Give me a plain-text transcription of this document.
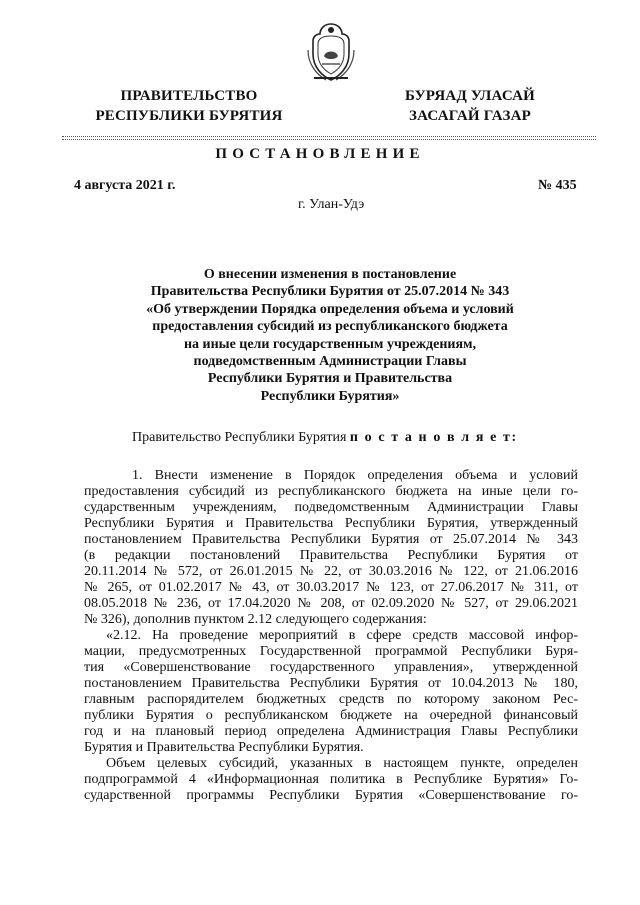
ПРАВИТЕЛЬСТВО
РЕСПУБЛИКИ БУРЯТИЯ
БУРЯАД УЛАСАЙ
ЗАСАГАЙ ГАЗАР
ПОСТАНОВЛЕНИЕ
4 августа 2021 г.	№ 435
г. Улан-Удэ
О внесении изменения в постановление
Правительства Республики Бурятия от 25.07.2014 № 343
«Об утверждении Порядка определения объема и условий
предоставления субсидий из республиканского бюджета
на иные цели государственным учреждениям,
подведомственным Администрации Главы
Республики Бурятия и Правительства
Республики Бурятия»
Правительство Республики Бурятия п о с т а н о в л я е т:
1. Внести изменение в Порядок определения объема и условий
предоставления субсидий из республиканского бюджета на иные цели го-
сударственным учреждениям, подведомственным Администрации Главы
Республики Бурятия и Правительства Республики Бурятия, утвержденный
постановлением Правительства Республики Бурятия от 25.07.2014 № 343
(в редакции постановлений Правительства Республики Бурятия от
20.11.2014 № 572, от 26.01.2015 № 22, от 30.03.2016 № 122, от 21.06.2016
№ 265, от 01.02.2017 № 43, от 30.03.2017 № 123, от 27.06.2017 № 311, от
08.05.2018 № 236, от 17.04.2020 № 208, от 02.09.2020 № 527, от 29.06.2021
№ 326), дополнив пунктом 2.12 следующего содержания:
«2.12. На проведение мероприятий в сфере средств массовой инфор-
мации, предусмотренных Государственной программой Республики Буря-
тия «Совершенствование государственного управления», утвержденной
постановлением Правительства Республики Бурятия от 10.04.2013 № 180,
главным распорядителем бюджетных средств по которому законом Рес-
публики Бурятия о республиканском бюджете на очередной финансовый
год и на плановый период определена Администрация Главы Республики
Бурятия и Правительства Республики Бурятия.
Объем целевых субсидий, указанных в настоящем пункте, определен
подпрограммой 4 «Информационная политика в Республике Бурятия» Го-
сударственной программы Республики Бурятия «Совершенствование го-
